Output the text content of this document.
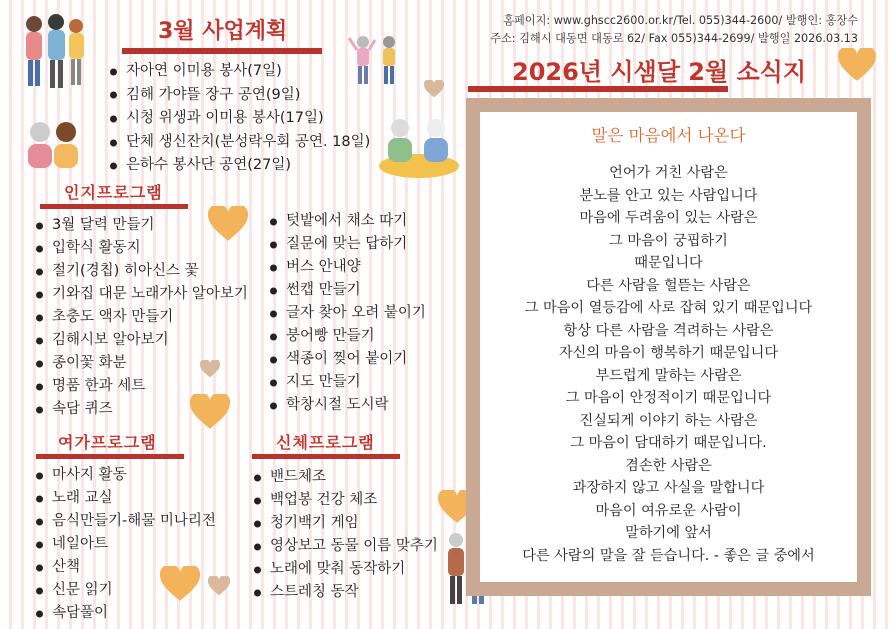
3월 사업계획
자아연 이미용 봉사(7일)
김해 가야뜰 장구 공연(9일)
시청 위생과 이미용 봉사(17일)
단체 생신잔치(분성락우회 공연. 18일)
은하수 봉사단 공연(27일)
홈페이지: www.ghscc2600.or.kr/Tel. 055)344-2600/ 발행인: 홍장수
주소: 김해시 대동면 대동로 62/ Fax 055)344-2699/ 발행일 2026.03.13
2026년 시샘달 2월 소식지
인지프로그램
3월 달력 만들기
입학식 활동지
절기(경칩) 히아신스 꽃
기와집 대문 노래가사 알아보기
초충도 액자 만들기
김해시보 알아보기
종이꽃 화분
명품 한과 세트
속담 퀴즈
텃밭에서 채소 따기
질문에 맞는 답하기
버스 안내양
썬캡 만들기
글자 찾아 오려 붙이기
붕어빵 만들기
색종이 찢어 붙이기
지도 만들기
학창시절 도시락
여가프로그램
마사지 활동
노래 교실
음식만들기-해물 미나리전
네일아트
산책
신문 읽기
속담풀이
신체프로그램
밴드체조
백업봉 건강 체조
청기백기 게임
영상보고 동물 이름 맞추기
노래에 맞춰 동작하기
스트레칭 동작
말은 마음에서 나온다
언어가 거친 사람은
분노를 안고 있는 사람입니다
마음에 두려움이 있는 사람은
그 마음이 궁핍하기
때문입니다
다른 사람을 헐뜯는 사람은
그 마음이 열등감에 사로 잡혀 있기 때문입니다
항상 다른 사람을 격려하는 사람은
자신의 마음이 행복하기 때문입니다
부드럽게 말하는 사람은
그 마음이 안정적이기 때문입니다
진실되게 이야기 하는 사람은
그 마음이 담대하기 때문입니다.
겸손한 사람은
과장하지 않고 사실을 말합니다
마음이 여유로운 사람이
말하기에 앞서
다른 사람의 말을 잘 듣습니다. - 좋은 글 중에서
